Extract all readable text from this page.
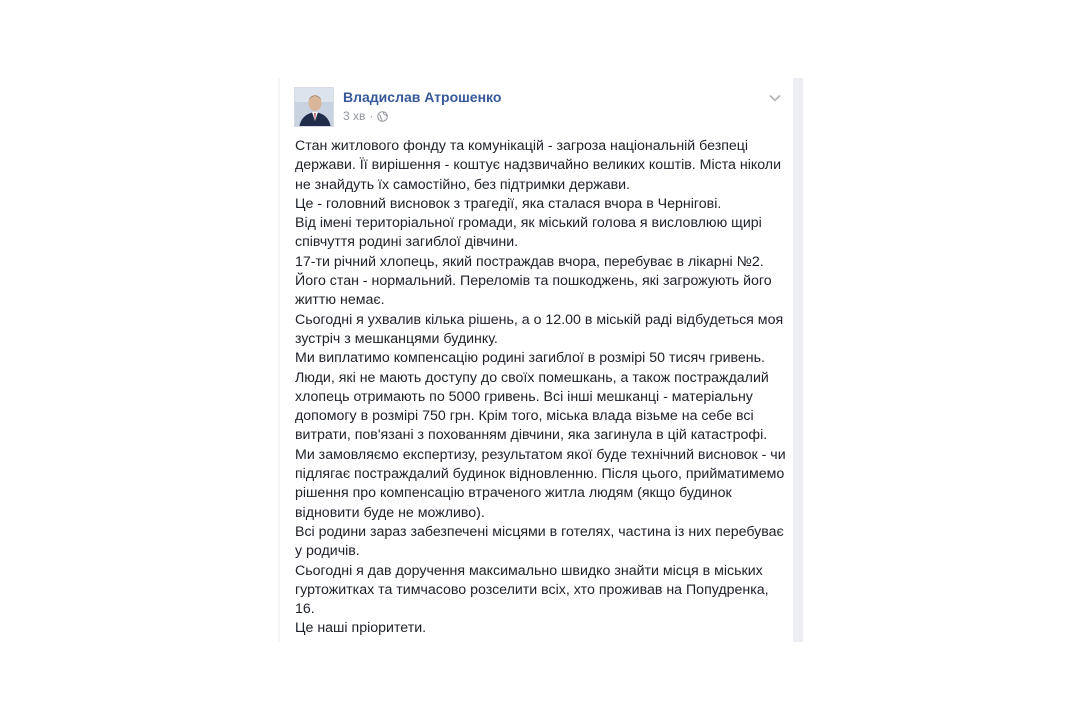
Владислав Атрошенко
3 хв ·

Стан житлового фонду та комунікацій - загроза національній безпеці держави. Її вирішення - коштує надзвичайно великих коштів. Міста ніколи не знайдуть їх самостійно, без підтримки держави.

Це - головний висновок з трагедії, яка сталася вчора в Чернігові.

Від імені територіальної громади, як міський голова я висловлюю щирі співчуття родині загиблої дівчини.

17-ти річний хлопець, який постраждав вчора, перебуває в лікарні №2. Його стан - нормальний. Переломів та пошкоджень, які загрожують його життю немає.

Сьогодні я ухвалив кілька рішень, а о 12.00 в міській раді відбудеться моя зустріч з мешканцями будинку.

Ми виплатимо компенсацію родині загиблої в розмірі 50 тисяч гривень. Люди, які не мають доступу до своїх помешкань, а також постраждалий хлопець отримають по 5000 гривень. Всі інші мешканці - матеріальну допомогу в розмірі 750 грн. Крім того, міська влада візьме на себе всі витрати, пов'язані з похованням дівчини, яка загинула в цій катастрофі.

Ми замовляємо експертизу, результатом якої буде технічний висновок - чи підлягає постраждалий будинок відновленню. Після цього, прийматимемо рішення про компенсацію втраченого житла людям (якщо будинок відновити буде не можливо).

Всі родини зараз забезпечені місцями в готелях, частина із них перебуває у родичів.

Сьогодні я дав доручення максимально швидко знайти місця в міських гуртожитках та тимчасово розселити всіх, хто проживав на Попудренка, 16.

Це наші пріоритети.
